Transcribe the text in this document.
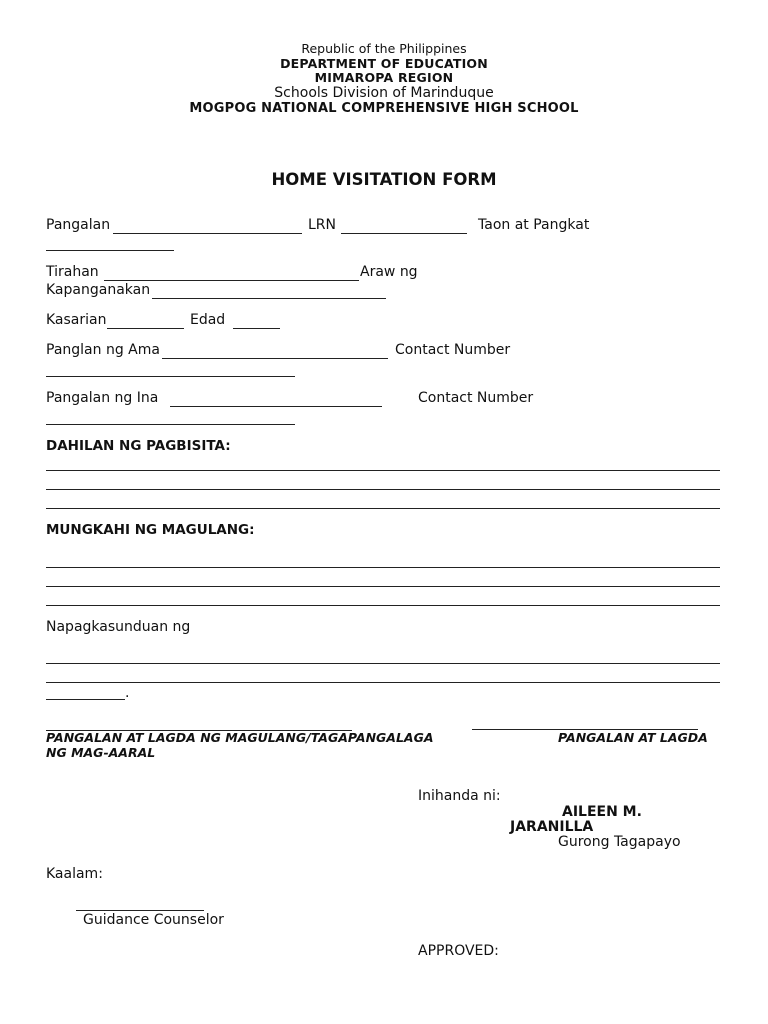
Republic of the Philippines
DEPARTMENT OF EDUCATION
MIMAROPA REGION
Schools Division of Marinduque
MOGPOG NATIONAL COMPREHENSIVE HIGH SCHOOL
HOME VISITATION FORM
Pangalan	LRN	Taon at Pangkat
Tirahan	Araw ng
Kapanganakan
Kasarian	Edad
Panglan ng Ama	Contact Number
Pangalan ng Ina	Contact Number
DAHILAN NG PAGBISITA:
MUNGKAHI NG MAGULANG:
Napagkasunduan ng
.
PANGALAN AT LAGDA NG MAGULANG/TAGAPANGALAGA
NG MAG-AARAL
PANGALAN AT LAGDA
Inihanda ni:
AILEEN M.
JARANILLA
Gurong Tagapayo
Kaalam:
Guidance Counselor
APPROVED:
